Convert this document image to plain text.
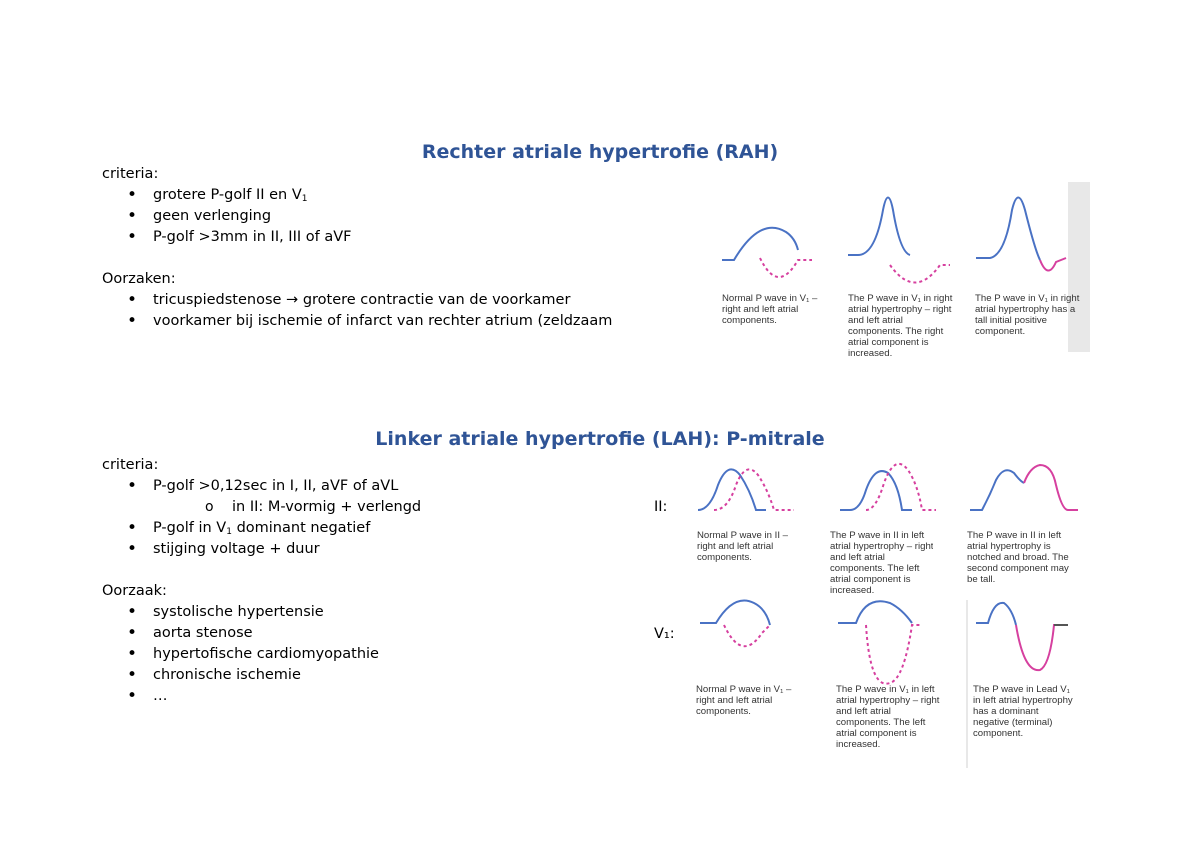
Rechter atriale hypertrofie (RAH)
criteria:
• grotere P-golf II en $V_1$
• geen verlenging
• P-golf >3mm in II, III of aVF
Oorzaken:
• tricuspiedstenose → grotere contractie van de voorkamer
• voorkamer bij ischemie of infarct van rechter atrium (zeldzaam
Normal P wave in V₁ –
right and left atrial
components.
The P wave in V₁ in right
atrial hypertrophy – right
and left atrial
components. The right
atrial component is
increased.
The P wave in V₁ in right
atrial hypertrophy has a
tall initial positive
component.
Linker atriale hypertrofie (LAH): P-mitrale
criteria:
• P-golf >0,12sec in I, II, aVF of aVL
o in II: M-vormig + verlengd
• P-golf in $V_1$ dominant negatief
• stijging voltage + duur
Oorzaak:
• systolische hypertensie
• aorta stenose
• hypertofische cardiomyopathie
• chronische ischemie
• …
II:
V₁:
Normal P wave in II –
right and left atrial
components.
The P wave in II in left
atrial hypertrophy – right
and left atrial
components. The left
atrial component is
increased.
The P wave in II in left
atrial hypertrophy is
notched and broad. The
second component may
be tall.
Normal P wave in V₁ –
right and left atrial
components.
The P wave in V₁ in left
atrial hypertrophy – right
and left atrial
components. The left
atrial component is
increased.
The P wave in Lead V₁
in left atrial hypertrophy
has a dominant
negative (terminal)
component.
